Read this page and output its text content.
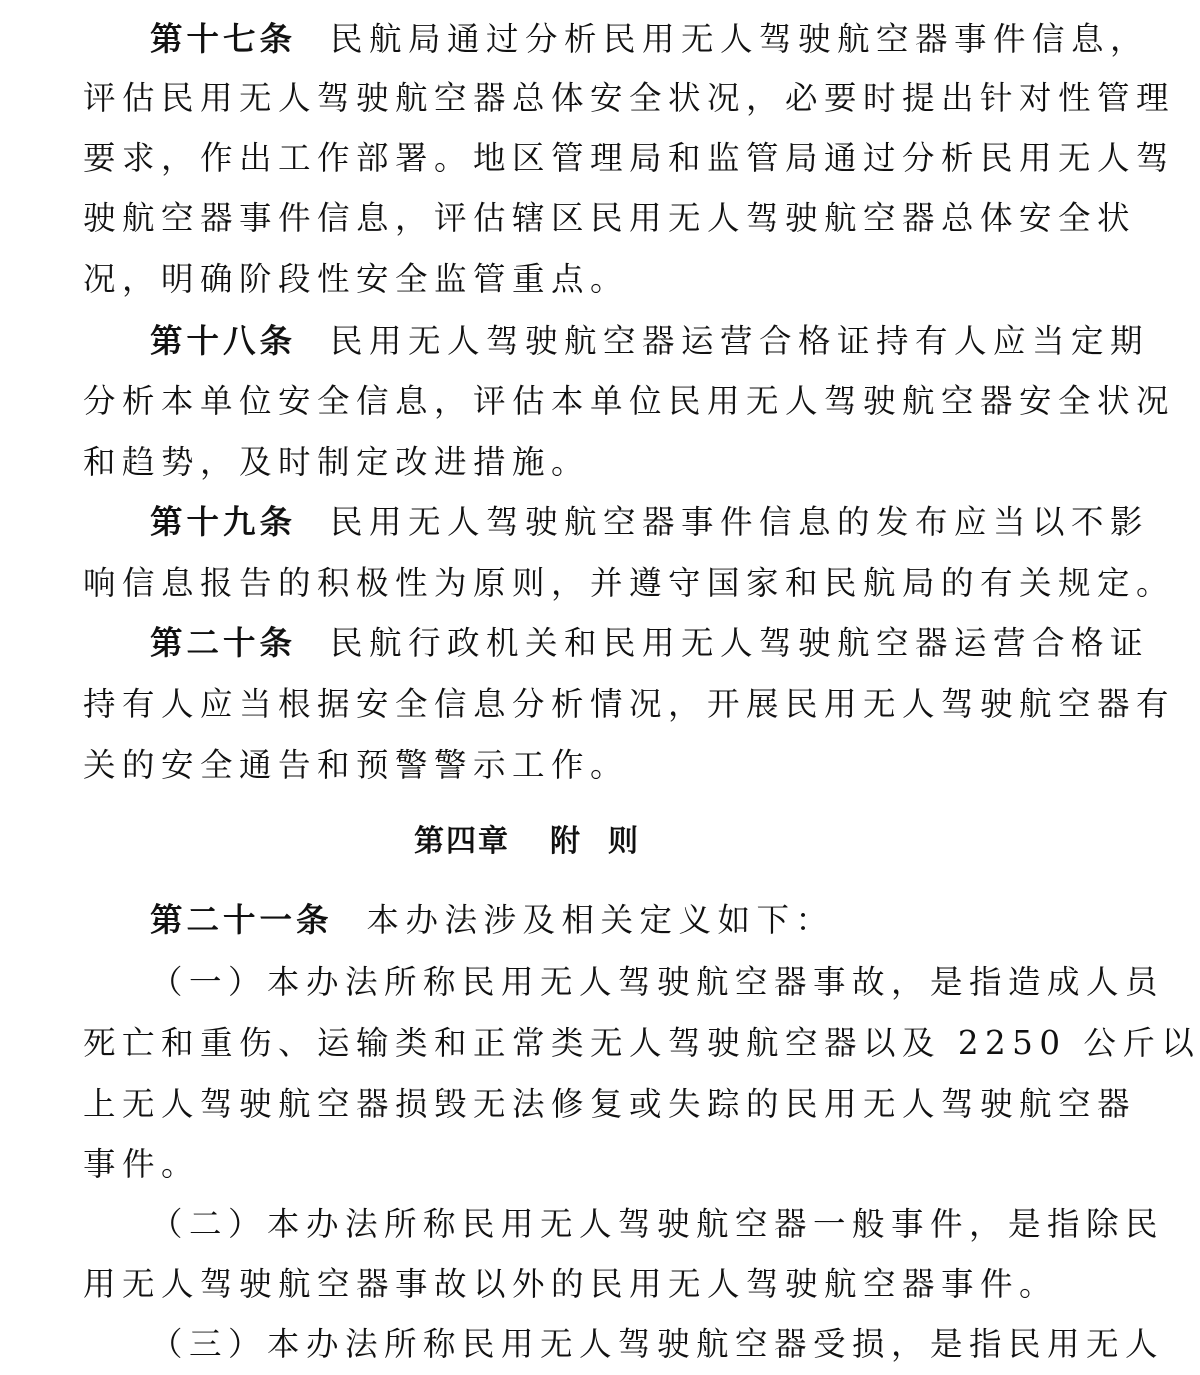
第十七条 民航局通过分析民用无人驾驶航空器事件信息，
评估民用无人驾驶航空器总体安全状况，必要时提出针对性管理
要求，作出工作部署。地区管理局和监管局通过分析民用无人驾
驶航空器事件信息，评估辖区民用无人驾驶航空器总体安全状
况，明确阶段性安全监管重点。
第十八条 民用无人驾驶航空器运营合格证持有人应当定期
分析本单位安全信息，评估本单位民用无人驾驶航空器安全状况
和趋势，及时制定改进措施。
第十九条 民用无人驾驶航空器事件信息的发布应当以不影
响信息报告的积极性为原则，并遵守国家和民航局的有关规定。
第二十条 民航行政机关和民用无人驾驶航空器运营合格证
持有人应当根据安全信息分析情况，开展民用无人驾驶航空器有
关的安全通告和预警警示工作。
第四章 附则
第二十一条 本办法涉及相关定义如下：
（一）本办法所称民用无人驾驶航空器事故，是指造成人员
死亡和重伤、运输类和正常类无人驾驶航空器以及 2250 公斤以
上无人驾驶航空器损毁无法修复或失踪的民用无人驾驶航空器
事件。
（二）本办法所称民用无人驾驶航空器一般事件，是指除民
用无人驾驶航空器事故以外的民用无人驾驶航空器事件。
（三）本办法所称民用无人驾驶航空器受损，是指民用无人
